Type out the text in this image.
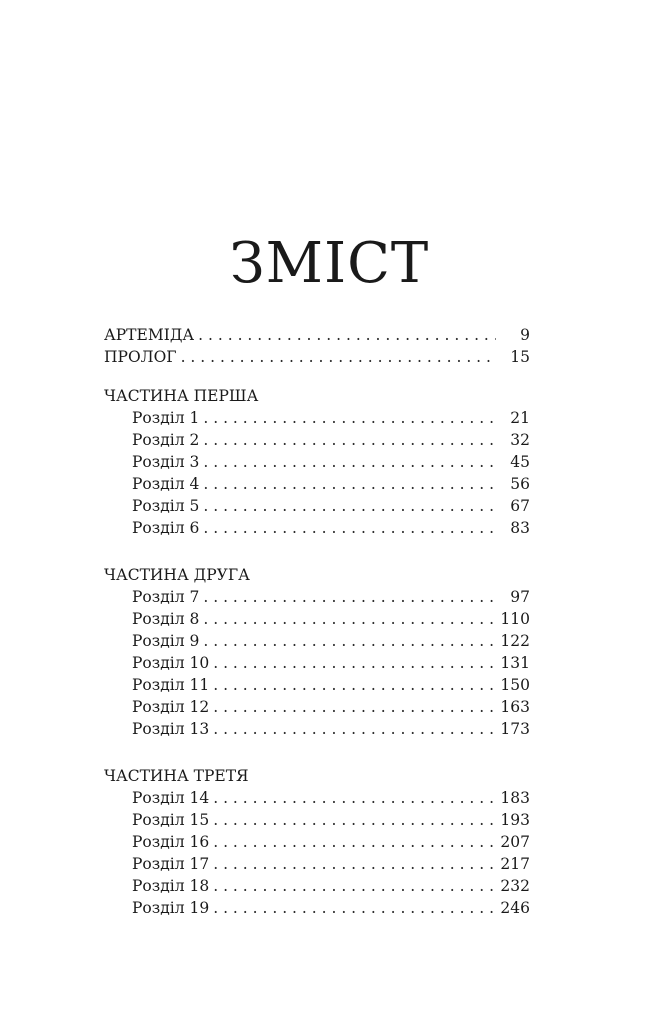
ЗМІСТ
АРТЕМІДА . . .	9
ПРОЛОГ . . .	15
ЧАСТИНА ПЕРША
Розділ 1 . . .	21
Розділ 2 . . .	32
Розділ 3 . . .	45
Розділ 4 . . .	56
Розділ 5 . . .	67
Розділ 6 . . .	83
ЧАСТИНА ДРУГА
Розділ 7 . . .	97
Розділ 8 . . .	110
Розділ 9 . . .	122
Розділ 10 . . .	131
Розділ 11 . . .	150
Розділ 12 . . .	163
Розділ 13 . . .	173
ЧАСТИНА ТРЕТЯ
Розділ 14 . . .	183
Розділ 15 . . .	193
Розділ 16 . . .	207
Розділ 17 . . .	217
Розділ 18 . . .	232
Розділ 19 . . .	246
